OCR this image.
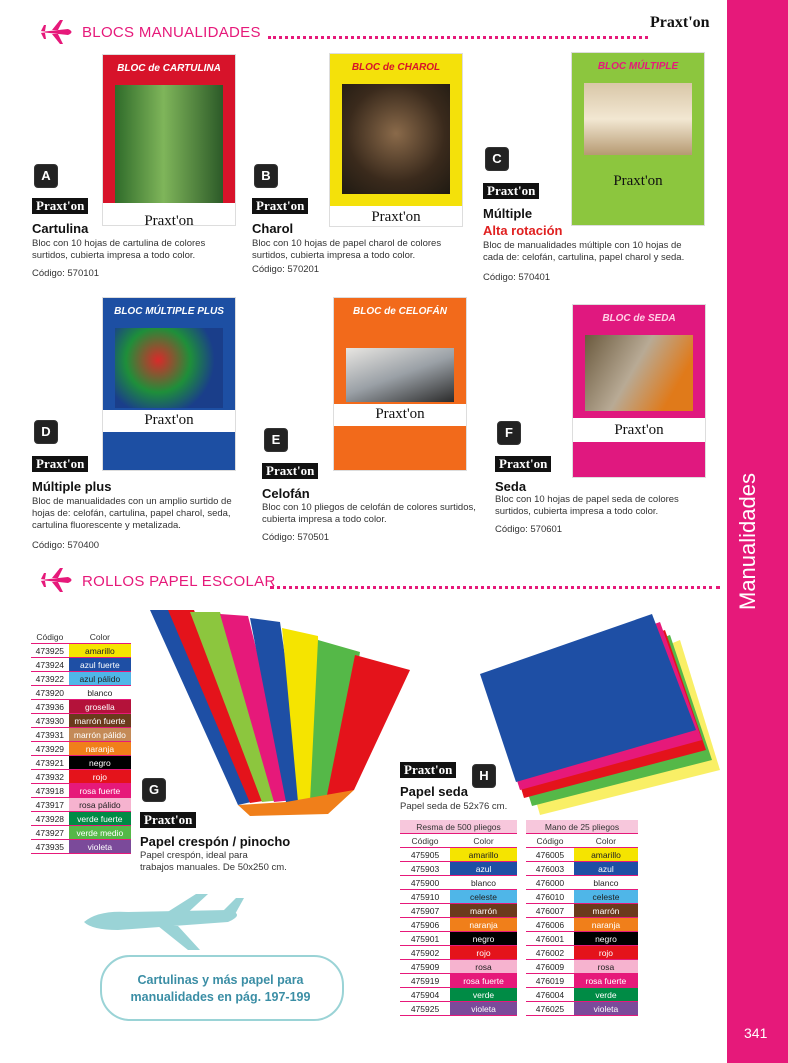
Manualidades
341
BLOCS MANUALIDADES
Praxt'on
BLOC de CARTULINA
Praxt'on
A
Praxt'on
Cartulina
Bloc con 10 hojas de cartulina de colores
surtidos, cubierta impresa a todo color.
Código: 570101
BLOC de CHAROL
Praxt'on
B
Praxt'on
Charol
Bloc con 10 hojas de papel charol de colores
surtidos, cubierta impresa a todo color.
Código: 570201
BLOC MÚLTIPLE
Praxt'on
C
Praxt'on
Múltiple
Alta rotación
Bloc de manualidades múltiple con 10 hojas de
cada de: celofán, cartulina, papel charol y seda.
Código: 570401
BLOC MÚLTIPLE PLUS
Praxt'on
D
Praxt'on
Múltiple plus
Bloc de manualidades con un amplio surtido de
hojas de: celofán, cartulina, papel charol, seda,
cartulina fluorescente y metalizada.
Código: 570400
BLOC de CELOFÁN
Praxt'on
E
Praxt'on
Celofán
Bloc con 10 pliegos de celofán de colores surtidos,
cubierta impresa a todo color.
Código: 570501
BLOC de SEDA
Praxt'on
F
Praxt'on
Seda
Bloc con 10 hojas de papel seda de colores
surtidos, cubierta impresa a todo color.
Código: 570601
ROLLOS PAPEL ESCOLAR
Código	Color
473925	amarillo
473924	azul fuerte
473922	azul pálido
473920	blanco
473936	grosella
473930	marrón fuerte
473931	marrón pálido
473929	naranja
473921	negro
473932	rojo
473918	rosa fuerte
473917	rosa pálido
473928	verde fuerte
473927	verde medio
473935	violeta
G
Praxt'on
Papel crespón / pinocho
Papel crespón, ideal para
trabajos manuales. De 50x250 cm.
H
Praxt'on
Papel seda
Papel seda de 52x76 cm.
Resma de 500 pliegos	
Código	Color
475905	amarillo
475903	azul
475900	blanco
475910	celeste
475907	marrón
475906	naranja
475901	negro
475902	rojo
475909	rosa
475919	rosa fuerte
475904	verde
475925	violeta
Mano de 25 pliegos	
Código	Color
476005	amarillo
476003	azul
476000	blanco
476010	celeste
476007	marrón
476006	naranja
476001	negro
476002	rojo
476009	rosa
476019	rosa fuerte
476004	verde
476025	violeta
Cartulinas y más papel para
manualidades en pág. 197-199
